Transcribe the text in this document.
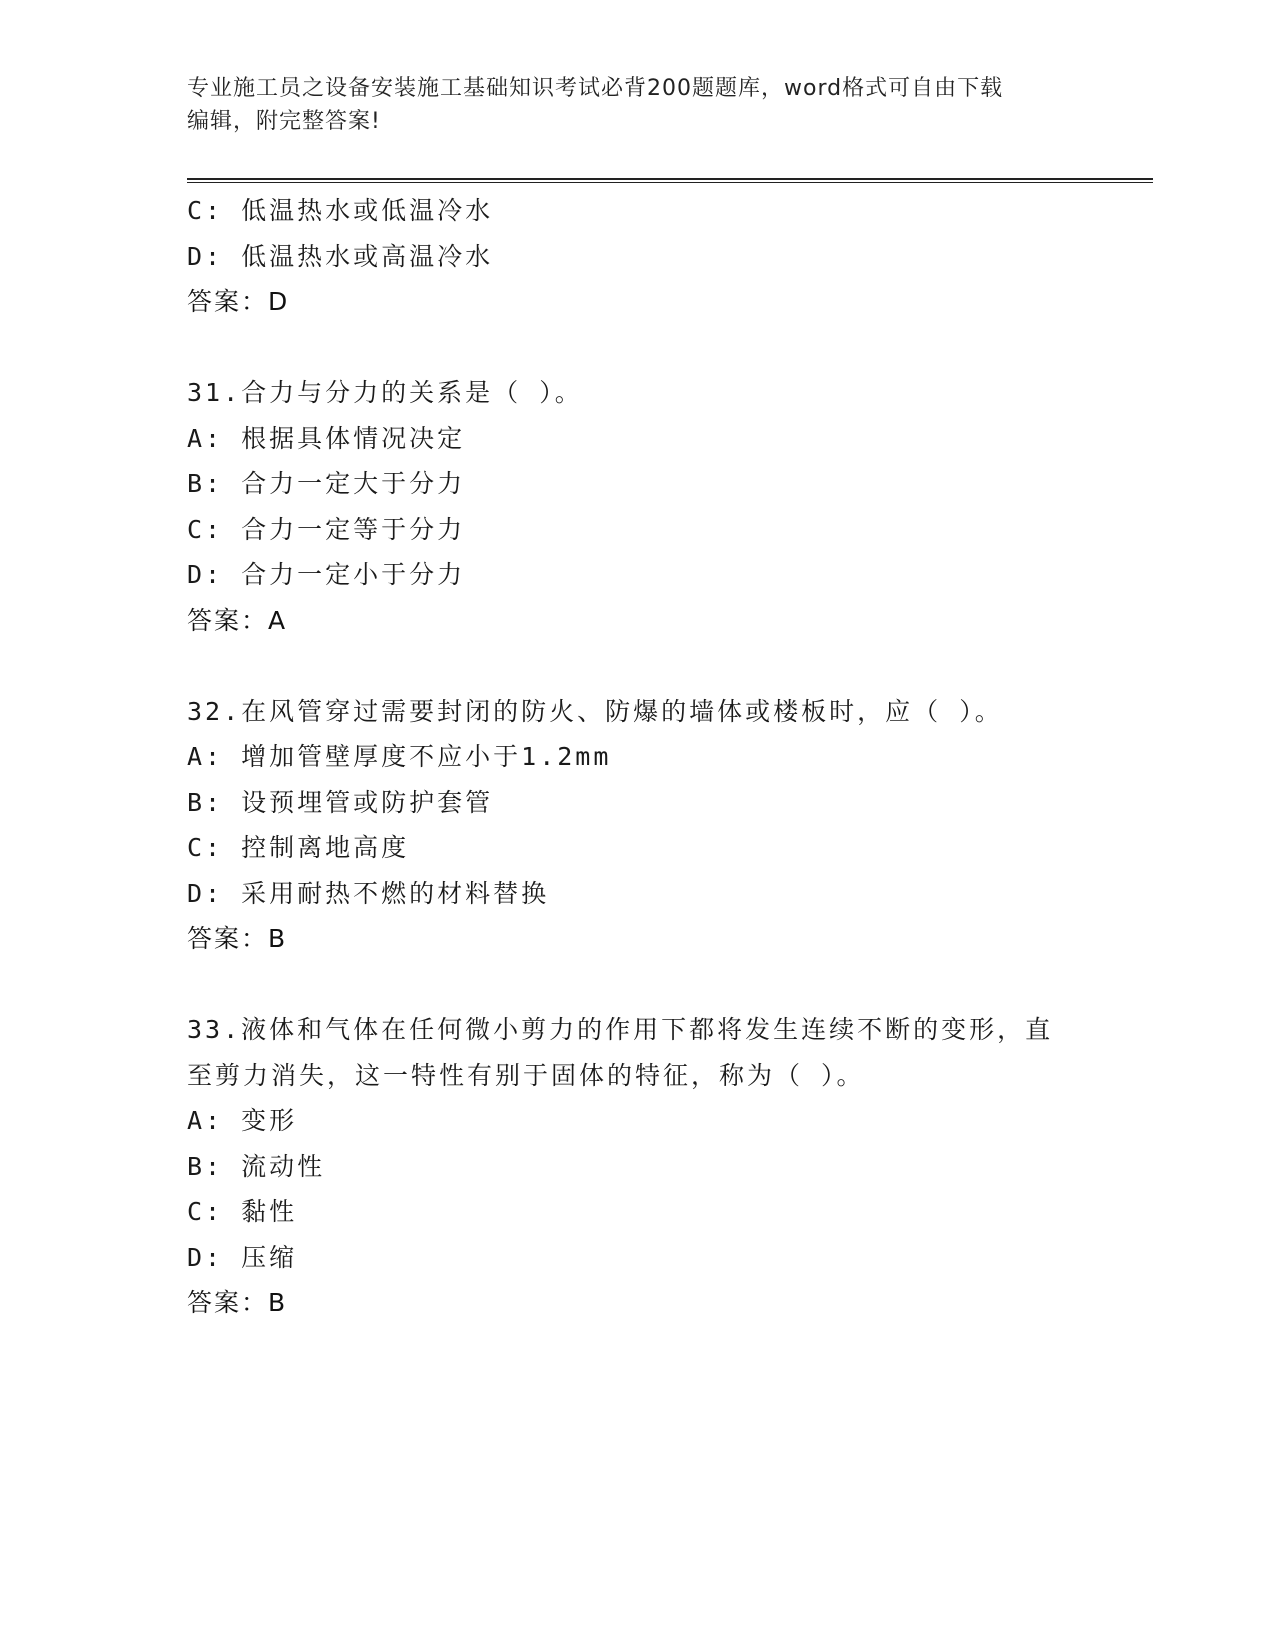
专业施工员之设备安装施工基础知识考试必背200题题库，word格式可自由下载
编辑，附完整答案!
C: 低温热水或低温冷水
D: 低温热水或高温冷水
答案：D
31.合力与分力的关系是（ ）。
A: 根据具体情况决定
B: 合力一定大于分力
C: 合力一定等于分力
D: 合力一定小于分力
答案：A
32.在风管穿过需要封闭的防火、防爆的墙体或楼板时，应（ ）。
A: 增加管壁厚度不应小于1.2mm
B: 设预埋管或防护套管
C: 控制离地高度
D: 采用耐热不燃的材料替换
答案：B
33.液体和气体在任何微小剪力的作用下都将发生连续不断的变形，直
至剪力消失，这一特性有别于固体的特征，称为（ ）。
A: 变形
B: 流动性
C: 黏性
D: 压缩
答案：B
